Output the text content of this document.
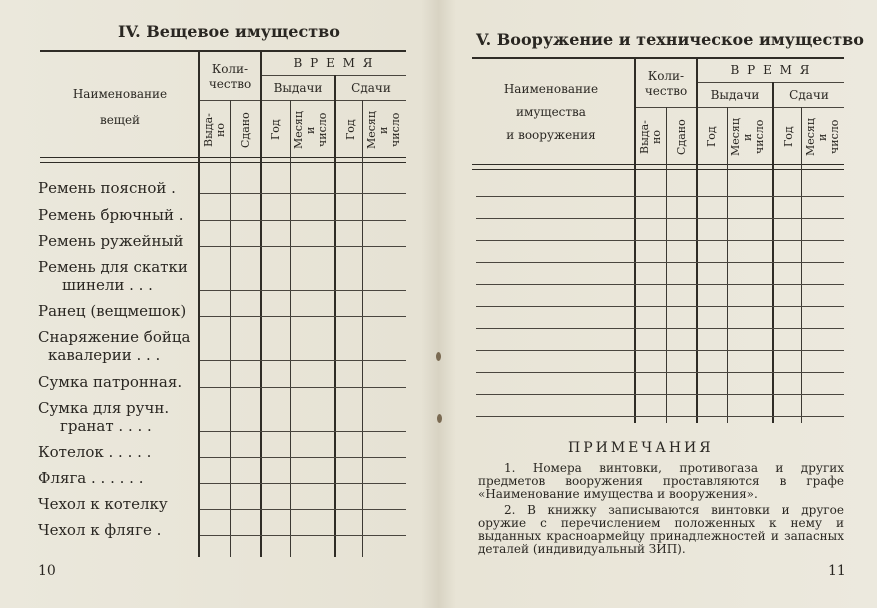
IV. Вещевое имущество
Наименование
вещей
Коли-
чество
В Р Е М Я
Выдачи	Сдачи
Выда-
но Сдано Год Месяц
и
число Год Месяц
и
число
Ремень поясной .
Ремень брючный .
Ремень ружейный
Ремень для скатки
шинели . . .
Ранец (вещмешок)
Снаряжение бойца
кавалерии . . .
Сумка патронная.
Сумка для ручн.
гранат . . . .
Котелок . . . . .
Фляга . . . . . .
Чехол к котелку
Чехол к фляге .
10
V. Вооружение и техническое имущество
Наименование
имущества
и вооружения
Коли-
чество
В Р Е М Я
Выдачи	Сдачи
Выда-
но Сдано Год Месяц
и
число Год Месяц
и
число
ПРИМЕЧАНИЯ
1. Номера винтовки, противогаза и других предметов вооружения проставляются в графе «Наименование имущества и вооружения».
2. В книжку записываются винтовки и другое оружие с перечислением положенных к нему и выданных красноармейцу принадлежностей и запасных деталей (индивидуальный ЗИП).
11
